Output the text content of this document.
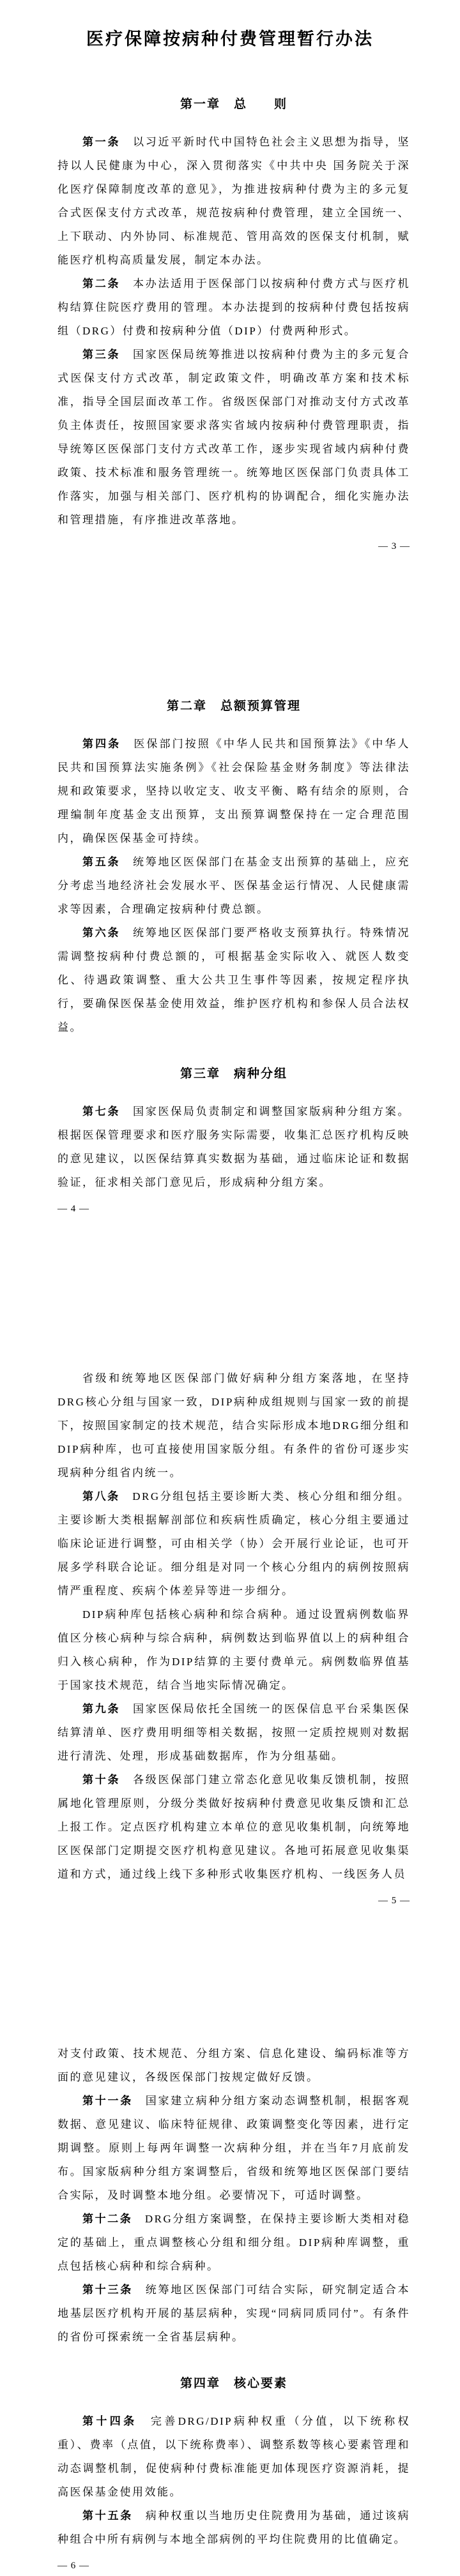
医疗保障按病种付费管理暂行办法
第一章　总　　则

第一条　以习近平新时代中国特色社会主义思想为指导，坚持以人民健康为中心，深入贯彻落实《中共中央 国务院关于深化医疗保障制度改革的意见》，为推进按病种付费为主的多元复合式医保支付方式改革，规范按病种付费管理，建立全国统一、上下联动、内外协同、标准规范、管用高效的医保支付机制，赋能医疗机构高质量发展，制定本办法。

第二条　本办法适用于医保部门以按病种付费方式与医疗机构结算住院医疗费用的管理。本办法提到的按病种付费包括按病组（DRG）付费和按病种分值（DIP）付费两种形式。

第三条　国家医保局统筹推进以按病种付费为主的多元复合式医保支付方式改革，制定政策文件，明确改革方案和技术标准，指导全国层面改革工作。省级医保部门对推动支付方式改革负主体责任，按照国家要求落实省域内按病种付费管理职责，指导统筹区医保部门支付方式改革工作，逐步实现省域内病种付费政策、技术标准和服务管理统一。统筹地区医保部门负责具体工作落实，加强与相关部门、医疗机构的协调配合，细化实施办法和管理措施，有序推进改革落地。

— 3 —
第二章　总额预算管理

第四条　医保部门按照《中华人民共和国预算法》《中华人民共和国预算法实施条例》《社会保险基金财务制度》等法律法规和政策要求，坚持以收定支、收支平衡、略有结余的原则，合理编制年度基金支出预算，支出预算调整保持在一定合理范围内，确保医保基金可持续。

第五条　统筹地区医保部门在基金支出预算的基础上，应充分考虑当地经济社会发展水平、医保基金运行情况、人民健康需求等因素，合理确定按病种付费总额。

第六条　统筹地区医保部门要严格收支预算执行。特殊情况需调整按病种付费总额的，可根据基金实际收入、就医人数变化、待遇政策调整、重大公共卫生事件等因素，按规定程序执行，要确保医保基金使用效益，维护医疗机构和参保人员合法权益。

第三章　病种分组

第七条　国家医保局负责制定和调整国家版病种分组方案。根据医保管理要求和医疗服务实际需要，收集汇总医疗机构反映的意见建议，以医保结算真实数据为基础，通过临床论证和数据验证，征求相关部门意见后，形成病种分组方案。

— 4 —

省级和统筹地区医保部门做好病种分组方案落地，在坚持DRG核心分组与国家一致，DIP病种成组规则与国家一致的前提下，按照国家制定的技术规范，结合实际形成本地DRG细分组和DIP病种库，也可直接使用国家版分组。有条件的省份可逐步实现病种分组省内统一。

第八条　DRG分组包括主要诊断大类、核心分组和细分组。主要诊断大类根据解剖部位和疾病性质确定，核心分组主要通过临床论证进行调整，可由相关学（协）会开展行业论证，也可开展多学科联合论证。细分组是对同一个核心分组内的病例按照病情严重程度、疾病个体差异等进一步细分。

DIP病种库包括核心病种和综合病种。通过设置病例数临界值区分核心病种与综合病种，病例数达到临界值以上的病种组合归入核心病种，作为DIP结算的主要付费单元。病例数临界值基于国家技术规范，结合当地实际情况确定。

第九条　国家医保局依托全国统一的医保信息平台采集医保结算清单、医疗费用明细等相关数据，按照一定质控规则对数据进行清洗、处理，形成基础数据库，作为分组基础。

第十条　各级医保部门建立常态化意见收集反馈机制，按照属地化管理原则，分级分类做好按病种付费意见收集反馈和汇总上报工作。定点医疗机构建立本单位的意见收集机制，向统筹地区医保部门定期提交医疗机构意见建议。各地可拓展意见收集渠道和方式，通过线上线下多种形式收集医疗机构、一线医务人员

— 5 —

对支付政策、技术规范、分组方案、信息化建设、编码标准等方面的意见建议，各级医保部门按规定做好反馈。

第十一条　国家建立病种分组方案动态调整机制，根据客观数据、意见建议、临床特征规律、政策调整变化等因素，进行定期调整。原则上每两年调整一次病种分组，并在当年7月底前发布。国家版病种分组方案调整后，省级和统筹地区医保部门要结合实际，及时调整本地分组。必要情况下，可适时调整。

第十二条　DRG分组方案调整，在保持主要诊断大类相对稳定的基础上，重点调整核心分组和细分组。DIP病种库调整，重点包括核心病种和综合病种。

第十三条　统筹地区医保部门可结合实际，研究制定适合本地基层医疗机构开展的基层病种，实现“同病同质同付”。有条件的省份可探索统一全省基层病种。

第四章　核心要素

第十四条　完善DRG/DIP病种权重（分值，以下统称权重）、费率（点值，以下统称费率）、调整系数等核心要素管理和动态调整机制，促使病种付费标准能更加体现医疗资源消耗，提高医保基金使用效能。

第十五条　病种权重以当地历史住院费用为基础，通过该病种组合中所有病例与本地全部病例的平均住院费用的比值确定。

— 6 —
